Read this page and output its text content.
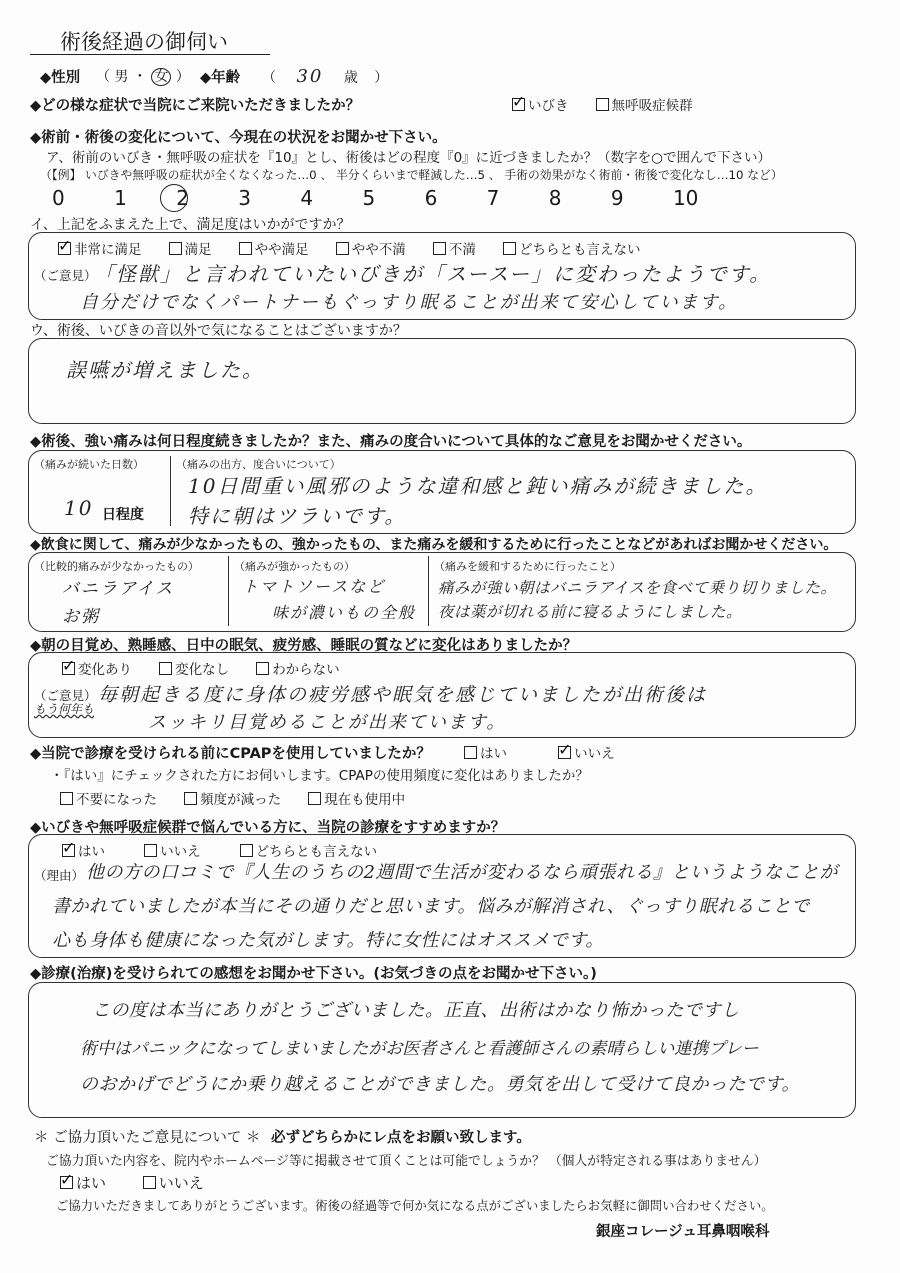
術後経過の御伺い
◆性別 （ 男 ・ 女 ） ◆年齢 （ 30 歳 ）
◆どの様な症状で当院にご来院いただきましたか？ ✓	いびき	無呼吸症候群
◆術前・術後の変化について、今現在の状況をお聞かせ下さい。
ア、術前のいびき・無呼吸の症状を『10』とし、術後はどの程度『0』に近づきましたか？（数字を○で囲んで下さい）
（【例】 いびきや無呼吸の症状が全くなくなった…0 、 半分くらいまで軽減した…5 、 手術の効果がなく術前・術後で変化なし…10 など）
0 1 2 3 4 5 6 7 8 9 10
イ、上記をふまえた上で、満足度はいかがですか？
✓非常に満足	満足	やや満足	やや不満	不満	どちらとも言えない
（ご意見）
「怪獣」と言われていたいびきが「スースー」に変わったようです。
自分だけでなくパートナーもぐっすり眠ることが出来て安心しています。
ウ、術後、いびきの音以外で気になることはございますか？
誤嚥が増えました。
◆術後、強い痛みは何日程度続きましたか？また、痛みの度合いについて具体的なご意見をお聞かせください。
（痛みが続いた日数）
10 日程度
（痛みの出方、度合いについて）
10日間重い風邪のような違和感と鈍い痛みが続きました。
特に朝はツラいです。
◆飲食に関して、痛みが少なかったもの、強かったもの、また痛みを緩和するために行ったことなどがあればお聞かせください。
（比較的痛みが少なかったもの）
バニラアイス
お粥
（痛みが強かったもの）
トマトソースなど
味が濃いもの全般
（痛みを緩和するために行ったこと）
痛みが強い朝はバニラアイスを食べて乗り切りました。
夜は薬が切れる前に寝るようにしました。
◆朝の目覚め、熟睡感、日中の眠気、疲労感、睡眠の質などに変化はありましたか？
✓変化あり	変化なし	わからない
（ご意見）
もう何年も
毎朝起きる度に身体の疲労感や眠気を感じていましたが出術後は
スッキリ目覚めることが出来ています。
◆当院で診療を受けられる前にCPAPを使用していましたか？	はい ✓	いいえ
・『はい』にチェックされた方にお伺いします。CPAPの使用頻度に変化はありましたか？
不要になった	頻度が減った	現在も使用中
◆いびきや無呼吸症候群で悩んでいる方に、当院の診療をすすめますか？
✓はい	いいえ	どちらとも言えない
（理由） 他の方の口コミで『人生のうちの2週間で生活が変わるなら頑張れる』というようなことが
書かれていましたが本当にその通りだと思います。悩みが解消され、ぐっすり眠れることで
心も身体も健康になった気がします。特に女性にはオススメです。
◆診療(治療)を受けられての感想をお聞かせ下さい。(お気づきの点をお聞かせ下さい。)
この度は本当にありがとうございました。正直、出術はかなり怖かったですし
術中はパニックになってしまいましたがお医者さんと看護師さんの素晴らしい連携プレー
のおかげでどうにか乗り越えることができました。勇気を出して受けて良かったです。
＊ ご協力頂いたご意見について ＊ 必ずどちらかにレ点をお願い致します。
ご協力頂いた内容を、院内やホームページ等に掲載させて頂くことは可能でしょうか？ （個人が特定される事はありません）
✓はい	いいえ
ご協力いただきましてありがとうございます。術後の経過等で何か気になる点がございましたらお気軽に御問い合わせください。
銀座コレージュ耳鼻咽喉科
